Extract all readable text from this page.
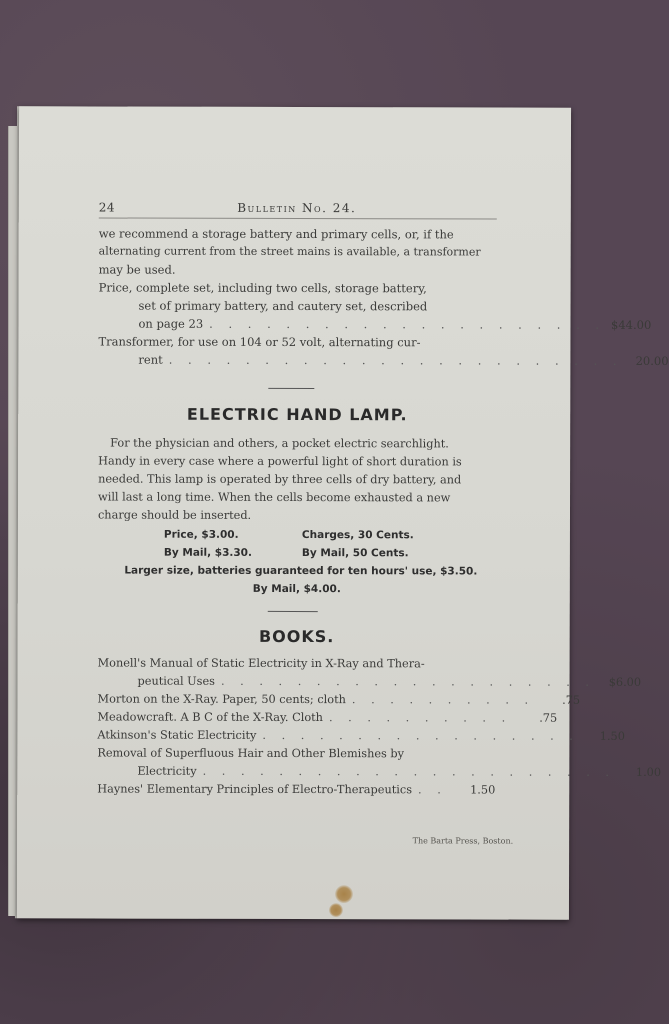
24	Bulletin No. 24.

we recommend a storage battery and primary cells, or, if the

alternating current from the street mains is available, a transformer

may be used.

Price, complete set, including two cells, storage battery,

set of primary battery, and cautery set, described

on page 23 . . . . . . . . . . . . . . . . . . . . . $44.00

Transformer, for use on 104 or 52 volt, alternating cur-

rent . . . . . . . . . . . . . . . . . . . . . . . .	20.00
ELECTRIC HAND LAMP.

For the physician and others, a pocket electric searchlight.

Handy in every case where a powerful light of short duration is

needed. This lamp is operated by three cells of dry battery, and

will last a long time. When the cells become exhausted a new

charge should be inserted.

Price, $3.00.	Charges, 30 Cents.
By Mail, $3.30.	By Mail, 50 Cents.
Larger size, batteries guaranteed for ten hours' use, $3.50.
By Mail, $4.00.
BOOKS.

Monell's Manual of Static Electricity in X-Ray and Thera-

peutical Uses . . . . . . . . . . . . . . . . . . . .	$6.00
Morton on the X-Ray. Paper, 50 cents; cloth . . . . . . . . . .	.75
Meadowcraft. A B C of the X-Ray. Cloth . . . . . . . . . .	.75
Atkinson's Static Electricity . . . . . . . . . . . . . . . . .	1.50

Removal of Superfluous Hair and Other Blemishes by

Electricity . . . . . . . . . . . . . . . . . . . . . .	1.00
Haynes' Elementary Principles of Electro-Therapeutics . .	1.50
The Barta Press, Boston.
